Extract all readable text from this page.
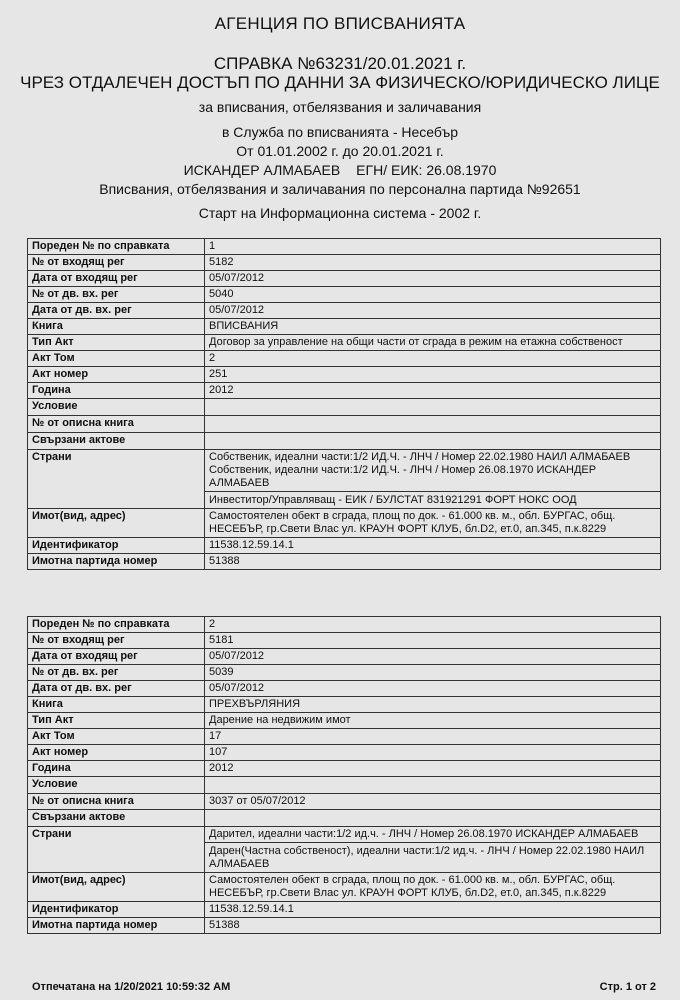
АГЕНЦИЯ ПО ВПИСВАНИЯТА
СПРАВКА №63231/20.01.2021 г.
ЧРЕЗ ОТДАЛЕЧЕН ДОСТЪП ПО ДАННИ ЗА ФИЗИЧЕСКО/ЮРИДИЧЕСКО ЛИЦЕ
за вписвания, отбелязвания и заличавания
в Служба по вписванията - Несебър
От 01.01.2002 г. до 20.01.2021 г.
ИСКАНДЕР АЛМАБАЕВ ЕГН/ ЕИК: 26.08.1970
Вписвания, отбелязвания и заличавания по персонална партида №92651
Старт на Информационна система - 2002 г.
Пореден № по справката	1
№ от входящ рег	5182
Дата от входящ рег	05/07/2012
№ от дв. вх. рег	5040
Дата от дв. вх. рег	05/07/2012
Книга	ВПИСВАНИЯ
Тип Акт	Договор за управление на общи части от сграда в режим на етажна собственост
Акт Том	2
Акт номер	251
Година	2012
Условие	
№ от описна книга	
Свързани актове	
Страни	Собственик, идеални части:1/2 ИД.Ч. - ЛНЧ / Номер 22.02.1980 НАИЛ АЛМАБАЕВ
Собственик, идеални части:1/2 ИД.Ч. - ЛНЧ / Номер 26.08.1970 ИСКАНДЕР АЛМАБАЕВ
Инвеститор/Управляващ - ЕИК / БУЛСТАТ 831921291 ФОРТ НОКС ООД

Имот(вид, адрес)	Самостоятелен обект в сграда, площ по док. - 61.000 кв. м., обл. БУРГАС, общ. НЕСЕБЪР, гр.Свети Влас ул. КРАУН ФОРТ КЛУБ, бл.D2, ет.0, ап.345, п.к.8229
Идентификатор	11538.12.59.14.1
Имотна партида номер	51388
Пореден № по справката	2
№ от входящ рег	5181
Дата от входящ рег	05/07/2012
№ от дв. вх. рег	5039
Дата от дв. вх. рег	05/07/2012
Книга	ПРЕХВЪРЛЯНИЯ
Тип Акт	Дарение на недвижим имот
Акт Том	17
Акт номер	107
Година	2012
Условие	
№ от описна книга	3037 от 05/07/2012
Свързани актове	
Страни	Дарител, идеални части:1/2 ид.ч. - ЛНЧ / Номер 26.08.1970 ИСКАНДЕР АЛМАБАЕВ
Дарен(Частна собственост), идеални части:1/2 ид.ч. - ЛНЧ / Номер 22.02.1980 НАИЛ АЛМАБАЕВ

Имот(вид, адрес)	Самостоятелен обект в сграда, площ по док. - 61.000 кв. м., обл. БУРГАС, общ. НЕСЕБЪР, гр.Свети Влас ул. КРАУН ФОРТ КЛУБ, бл.D2, ет.0, ап.345, п.к.8229
Идентификатор	11538.12.59.14.1
Имотна партида номер	51388
Отпечатана на 1/20/2021 10:59:32 AM	Стр. 1 от 2
